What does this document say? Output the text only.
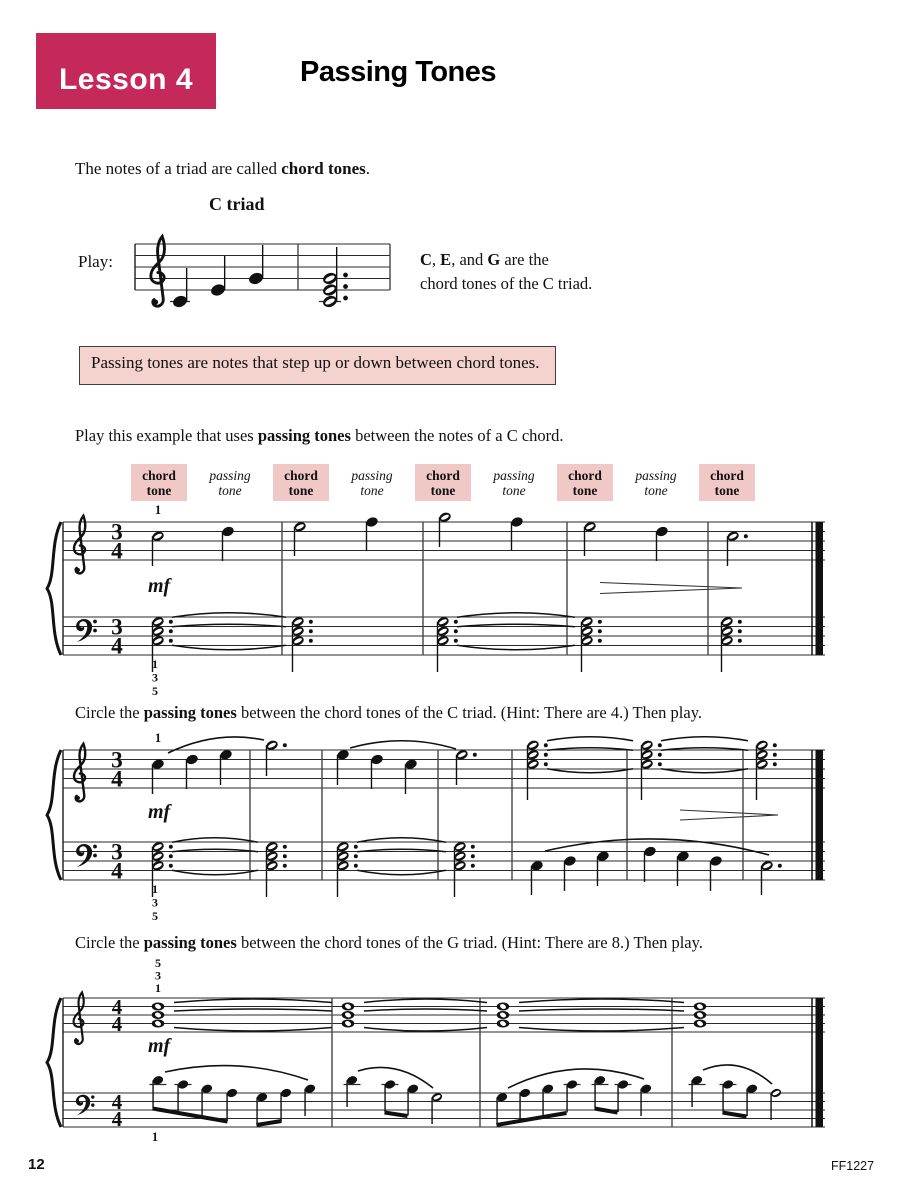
Lesson 4	Passing Tones
The notes of a triad are called chord tones.
C triad
Play:	C, E, and G are the
chord tones of the C triad.
Passing tones are notes that step up or down between chord tones.
Play this example that uses passing tones between the notes of a C chord.
chord
tone
passing
tone
chord
tone
passing
tone
chord
tone
passing
tone
chord
tone
passing
tone
chord
tone
Circle the passing tones between the chord tones of the C triad. (Hint: There are 4.) Then play.
Circle the passing tones between the chord tones of the G triad. (Hint: There are 8.) Then play.
3
4
3
4
1
mf
1
3
5
3
4
3
4
1
mf
1
3
5
4
4
4
4
5
3
1
mf
1
12	FF1227
